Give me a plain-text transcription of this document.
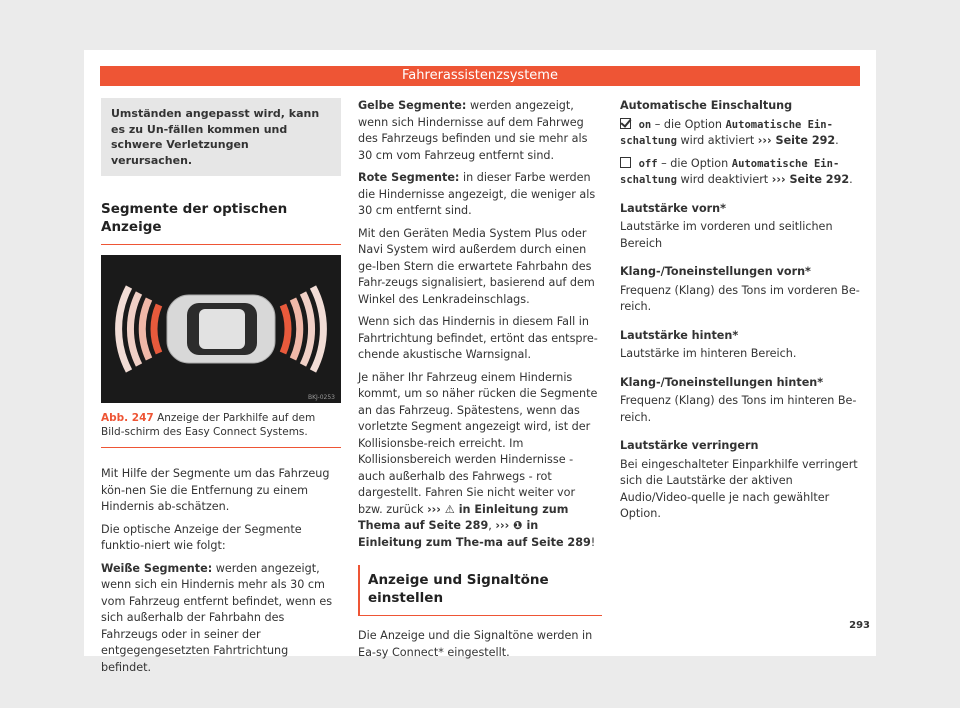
Fahrerassistenzsysteme
Umständen angepasst wird, kann es zu Un-fällen kommen und schwere Verletzungen verursachen.
Segmente der optischen Anzeige
BKJ-0253
Abb. 247 Anzeige der Parkhilfe auf dem Bild-schirm des Easy Connect Systems.

Mit Hilfe der Segmente um das Fahrzeug kön-nen Sie die Entfernung zu einem Hindernis ab-schätzen.

Die optische Anzeige der Segmente funktio-niert wie folgt:

Weiße Segmente: werden angezeigt, wenn sich ein Hindernis mehr als 30 cm vom Fahrzeug entfernt befindet, wenn es sich außerhalb der Fahrbahn des Fahrzeugs oder in seiner der entgegengesetzten Fahrtrichtung befindet.
Gelbe Segmente: werden angezeigt, wenn sich Hindernisse auf dem Fahrweg des Fahrzeugs befinden und sie mehr als 30 cm vom Fahrzeug entfernt sind.
Rote Segmente: in dieser Farbe werden die Hindernisse angezeigt, die weniger als 30 cm entfernt sind.

Mit den Geräten Media System Plus oder Navi System wird außerdem durch einen ge-lben Stern die erwartete Fahrbahn des Fahr-zeugs signalisiert, basierend auf dem Winkel des Lenkradeinschlags.

Wenn sich das Hindernis in diesem Fall in Fahrtrichtung befindet, ertönt das entspre-chende akustische Warnsignal.

Je näher Ihr Fahrzeug einem Hindernis kommt, um so näher rücken die Segmente an das Fahrzeug. Spätestens, wenn das vorletzte Segment angezeigt wird, ist der Kollisionsbe-reich erreicht. Im Kollisionsbereich werden Hindernisse - auch außerhalb des Fahrwegs - rot dargestellt. Fahren Sie nicht weiter vor bzw. zurück ››› ⚠ in Einleitung zum Thema auf Seite 289, ››› ❶ in Einleitung zum The-ma auf Seite 289!

Anzeige und Signaltöne einstellen

Die Anzeige und die Signaltöne werden in Ea-sy Connect* eingestellt.

Automatische Einschaltung

on – die Option Automatische Ein-schaltung wird aktiviert ››› Seite 292.

off – die Option Automatische Ein-schaltung wird deaktiviert ››› Seite 292.

Lautstärke vorn*

Lautstärke im vorderen und seitlichen Bereich

Klang-/Toneinstellungen vorn*

Frequenz (Klang) des Tons im vorderen Be-reich.

Lautstärke hinten*

Lautstärke im hinteren Bereich.

Klang-/Toneinstellungen hinten*

Frequenz (Klang) des Tons im hinteren Be-reich.

Lautstärke verringern

Bei eingeschalteter Einparkhilfe verringert sich die Lautstärke der aktiven Audio/Video-quelle je nach gewählter Option.

293
